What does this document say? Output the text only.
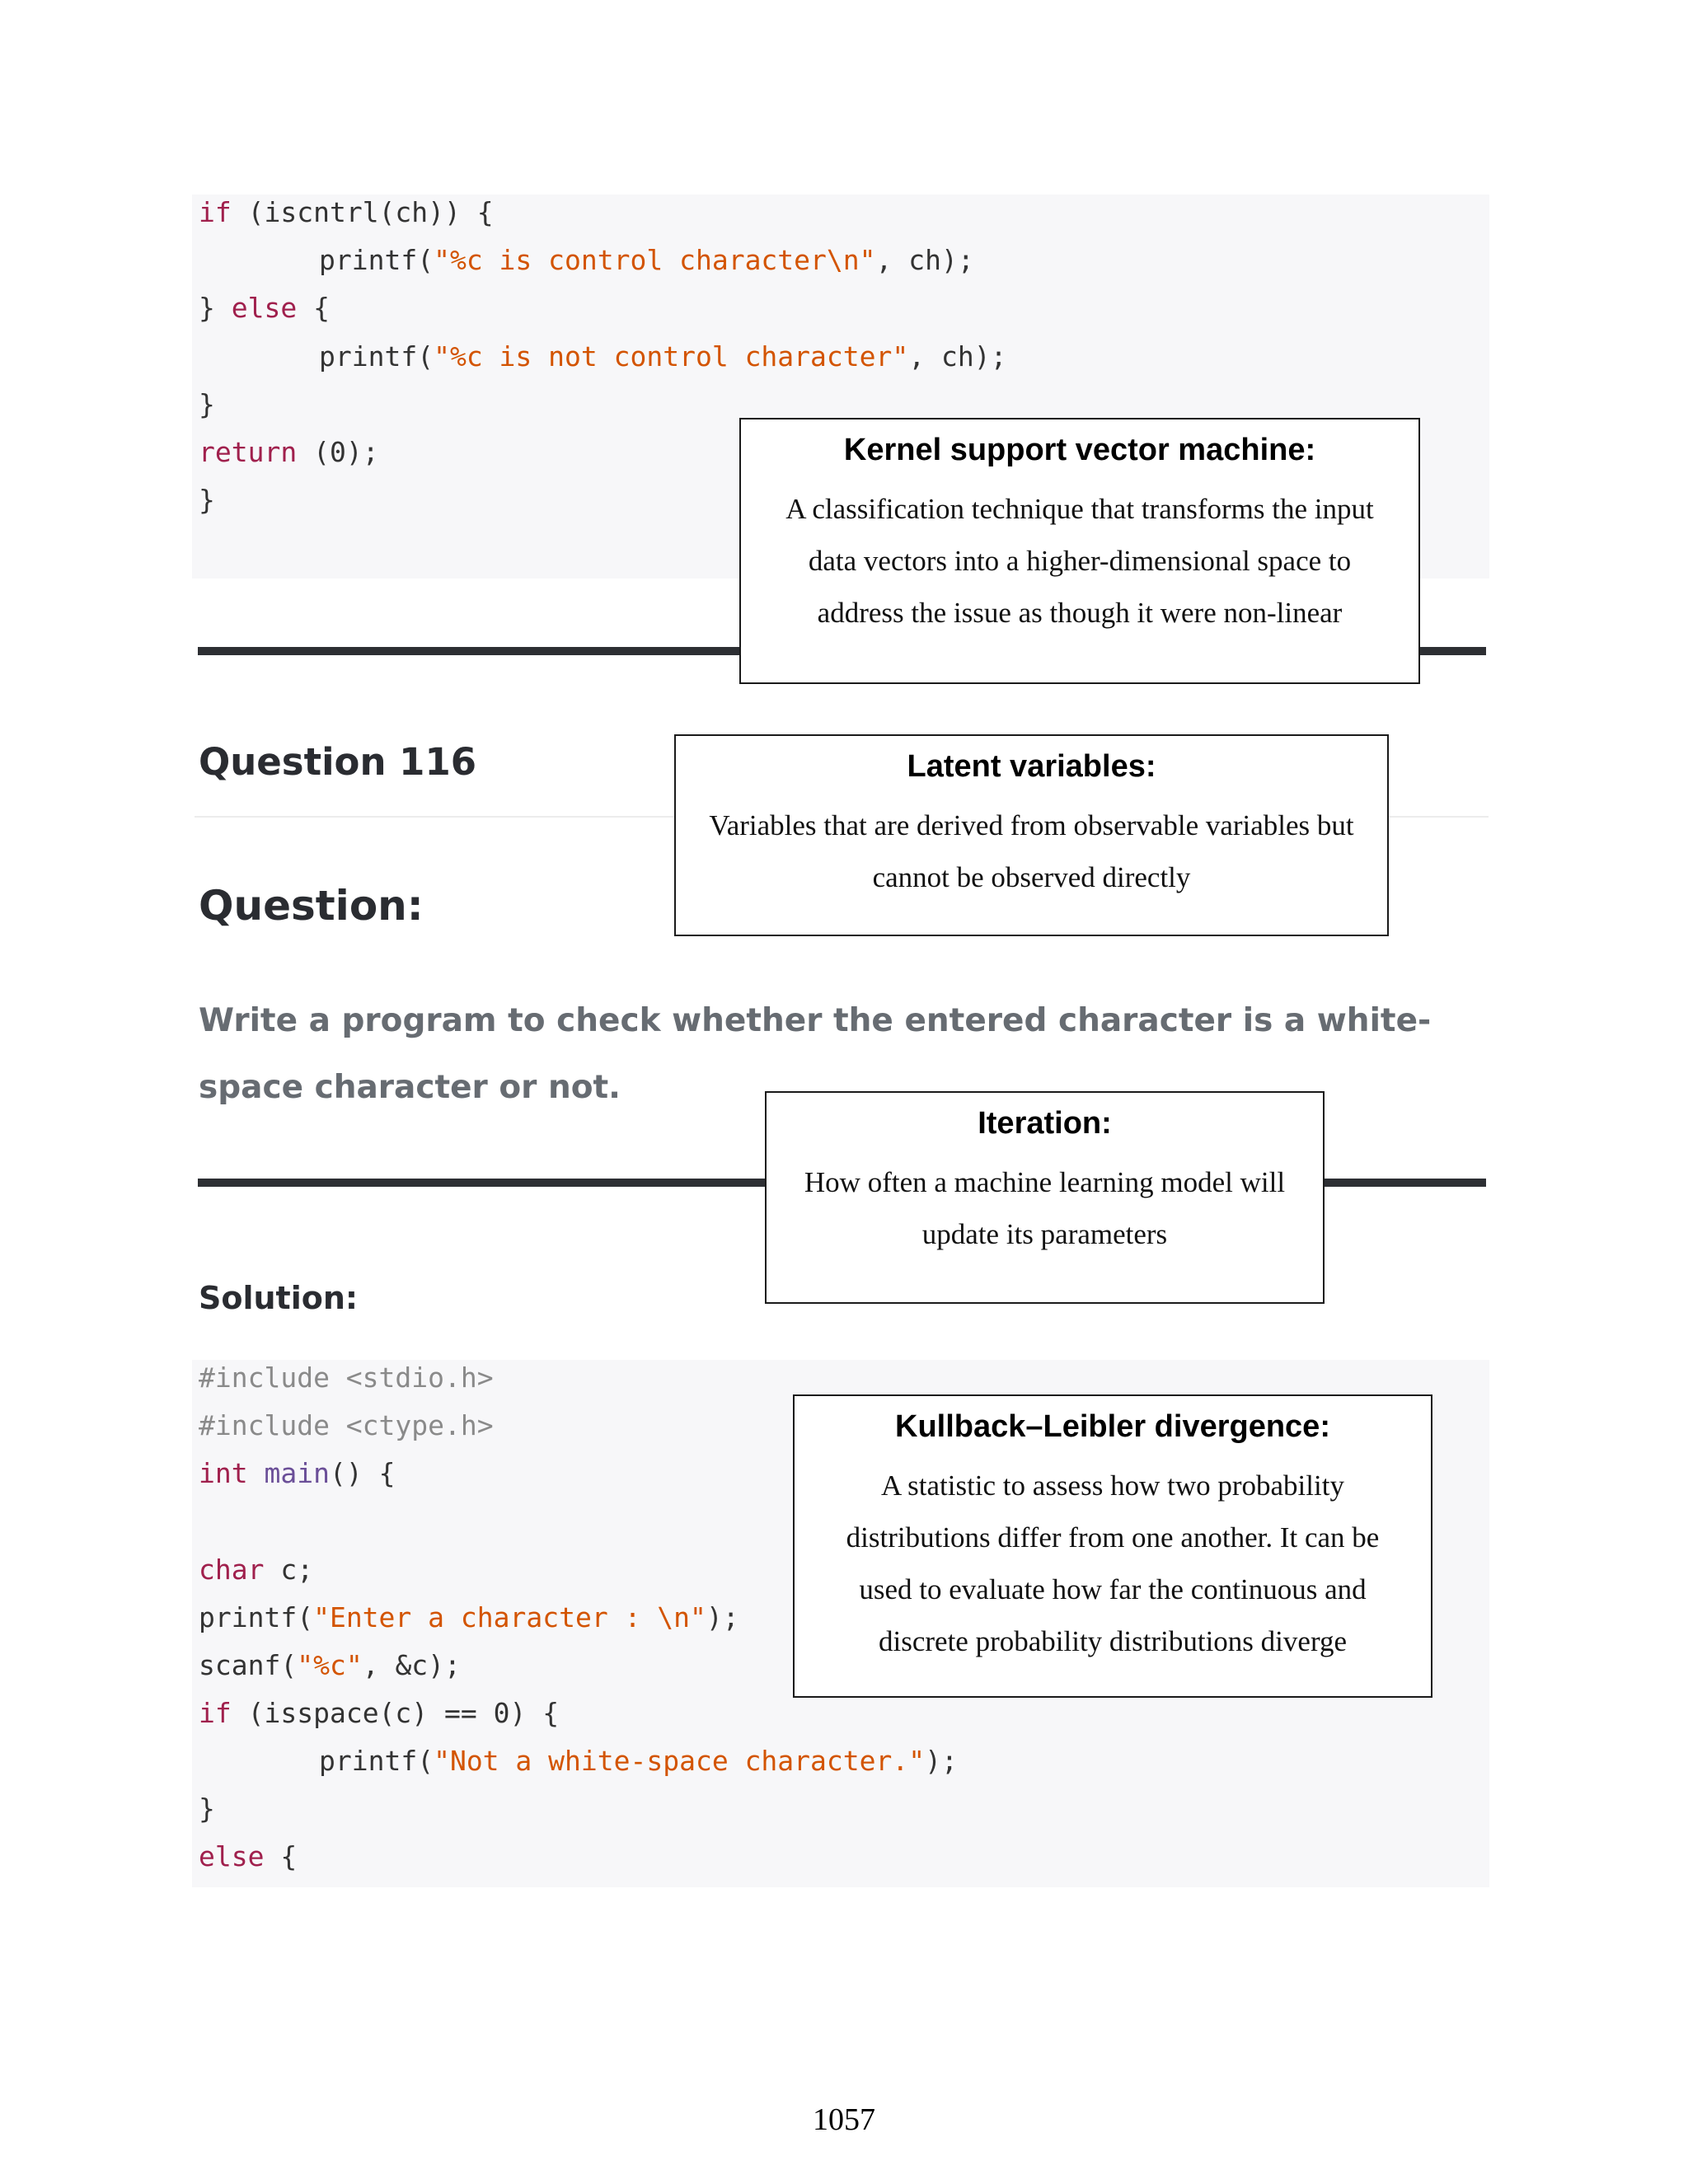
if (iscntrl(ch)) {
printf("%c is control character\n", ch);
} else {
printf("%c is not control character", ch);
}
return (0);
}
Question 116
Question:
Write a program to check whether the entered character is a white-space character or not.
Solution:
#include <stdio.h>
#include <ctype.h>
int main() {
char c;
printf("Enter a character : \n");
scanf("%c", &c);
if (isspace(c) == 0) {
printf("Not a white-space character.");
}
else {
Kernel support vector machine:
A classification technique that transforms the input
data vectors into a higher-dimensional space to
address the issue as though it were non-linear
Latent variables:
Variables that are derived from observable variables but
cannot be observed directly
Iteration:
How often a machine learning model will
update its parameters
Kullback–Leibler divergence:
A statistic to assess how two probability
distributions differ from one another. It can be
used to evaluate how far the continuous and
discrete probability distributions diverge
1057
